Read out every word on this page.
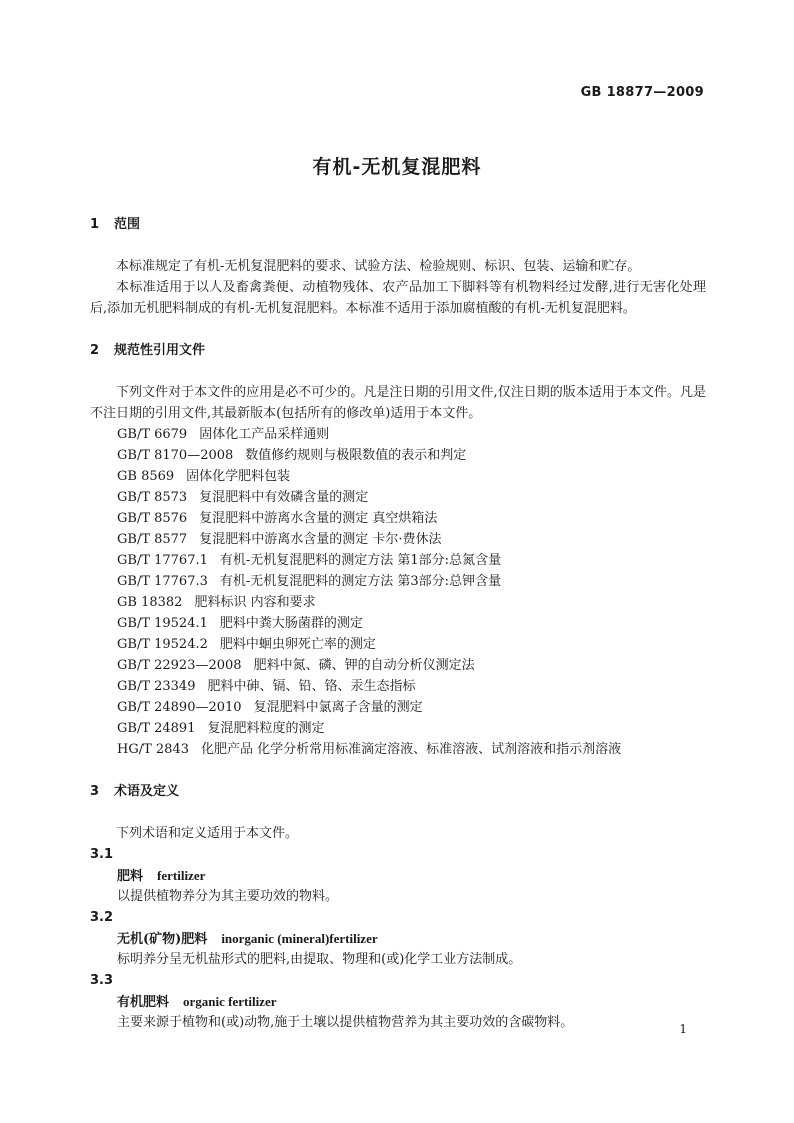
GB 18877—2009
有机-无机复混肥料
1 范围

本标准规定了有机-无机复混肥料的要求、试验方法、检验规则、标识、包装、运输和贮存。

本标准适用于以人及畜禽粪便、动植物残体、农产品加工下脚料等有机物料经过发酵,进行无害化处理后,添加无机肥料制成的有机-无机复混肥料。本标准不适用于添加腐植酸的有机-无机复混肥料。

2 规范性引用文件

下列文件对于本文件的应用是必不可少的。凡是注日期的引用文件,仅注日期的版本适用于本文件。凡是不注日期的引用文件,其最新版本(包括所有的修改单)适用于本文件。

GB/T 6679 固体化工产品采样通则
GB/T 8170—2008 数值修约规则与极限数值的表示和判定
GB 8569 固体化学肥料包装
GB/T 8573 复混肥料中有效磷含量的测定
GB/T 8576 复混肥料中游离水含量的测定 真空烘箱法
GB/T 8577 复混肥料中游离水含量的测定 卡尔·费休法
GB/T 17767.1 有机-无机复混肥料的测定方法 第1部分:总氮含量
GB/T 17767.3 有机-无机复混肥料的测定方法 第3部分:总钾含量
GB 18382 肥料标识 内容和要求
GB/T 19524.1 肥料中粪大肠菌群的测定
GB/T 19524.2 肥料中蛔虫卵死亡率的测定
GB/T 22923—2008 肥料中氮、磷、钾的自动分析仪测定法
GB/T 23349 肥料中砷、镉、铅、铬、汞生态指标
GB/T 24890—2010 复混肥料中氯离子含量的测定
GB/T 24891 复混肥料粒度的测定
HG/T 2843 化肥产品 化学分析常用标准滴定溶液、标准溶液、试剂溶液和指示剂溶液
3 术语及定义

下列术语和定义适用于本文件。

3.1
肥料 fertilizer
以提供植物养分为其主要功效的物料。
3.2
无机(矿物)肥料 inorganic (mineral)fertilizer
标明养分呈无机盐形式的肥料,由提取、物理和(或)化学工业方法制成。
3.3
有机肥料 organic fertilizer
主要来源于植物和(或)动物,施于土壤以提供植物营养为其主要功效的含碳物料。	1
